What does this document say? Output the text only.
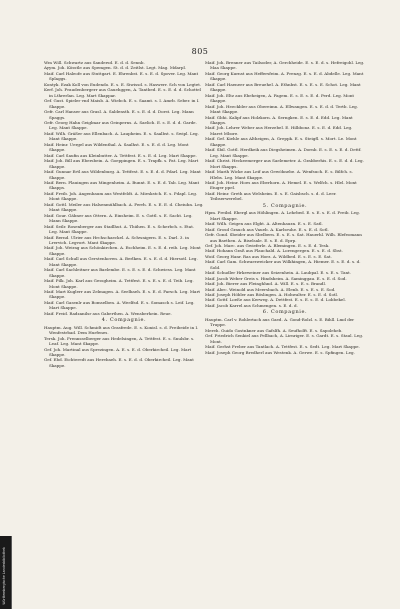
805
Wm Will. Schwartz aus Sandersd. E. d. d. Sennb.
Ayym. Joh. Kösstle aus Spemgen. St. d. d. Zeitlst. Legt. Mag. Mdarpl.
Maif. Carl Haleofe aus Stuttgart. E. Ehrenbst. E. s. E. d. Spover. Leg. Mant Splaggs.
Kontyk. Ezak Koll von Eudendo. E. s. E. Siwissd. s. Haswerr. Sch von Legtet.
Kerf. Joh. Fraudenbergerr aus Gauehggen, A. Tantbed. E. s. E. d. d. Schottel in Lthrerlan. Leg. Mart Skappar.
Gef. Gust. Spieler vnd Maisb. A. Wiebch. E. s. Saamt. s. I. Amrb. Seber. in I. Skappe.
Gefr. Carl Hanser aus Grasl. A. Saldensth. E. s. E. d. d. Dorst. Leg. Mann Spaggs.
Gefr. Georg Hahn Geiglmar aus Geinperns. A. Saelich. E. s. E. d. d. Garde. Leg. Mant Skappe.
Maif. Wilh. Gräßer aus Ellenbach. A. Laupheim. E. s. Saalbst. s. Swipl. Leg. Mant Skappe.
Maif. Heinr. Uergel aus Wildenthal. A. Saalhst. E. s. E. d. d. Leg. Mont Skappe.
Maif. Carl Saufin aus Kleinbutter. A. Tettfest. E. s. E. d. Leg. Mart Skappe.
Maif. Joh. Bill aus Ebersbein. A. Goeppingen. E. s. Trapfk. s. Pat. Leg. Mart Skappe.
Maif. Gunnar Ertl aus Wildenburg. A. Tettfest. E. s. E. d. d. Pdarl. Leg. Mant Skappe.
Maif. Bern. Plauingen aus Mingenheim. A. Bunnt. E. s. E. d. Tab. Leg. Mant Skapps.
Maif. Freib. Joh. Angenbaum aus Westfeldt. A. Mieskstch. E. s. Pdapl. Leg. Mont Skappe.
Maif. Gottl. Meiler aus Halsenmühlbach. A. Ferrh. E. s. E. E. d. Cheiuhn. Leg. Mant Skappe.
Maif. Gour. Gäbner aus Ottern. A. Einsheim. E. s. Gottl. s. E. Sacht. Leg. Mann Skappe.
Maif. Seilr. Rosenberger aus Stadlhut. A. Thühen. E. s. Scherbch. s. Etat. Leg. Mant Skappe.
Maif. Bernd. Ulrier aus Hrchschaeckel. A. Schwaigern. E. s. Darl. 3. in Lrervich. Legvort. Mant Skappe.
Maif. Joh. Weirag aus Schönkirchen. A. Eschheim. E. s. E. d. reib. Leg. Mont Skappe.
Maif. Carl Schull aus Gerstenhoven. A. Berlken. E. s. E. d. d. Hiersotl. Leg. Mant Skappe.
Maif. Carl Sachleitner aus Baelembe. E. s. E. s. E. d. Schwiess. Leg. Mant Skappe.
Maif. Pilk. Joh. Karl aus Gessgheim. A. Tettfest. E. s. E. s. E. d. Teib. Leg. Mont Skappe.
Maif. Mart Kuglerr aus Zelmagen. A. Seelbaeh. E. s. E. d. Farsch. Leg. Mart Skappe.
Maif. Carl Gasenlr aus Bomselben. A. Weelfsd. E. s. Somasch s. Leif. Leg. Mart Skappe.
Maif. Freid. Radzanilsr aus Gaberthen. A. Wensberhein. Reue.
4. Compagnie.
Hauptm. Aug. Will. Schmidt aus Grasfrede. E. s. Konisl. s. d. Freibeide in I. Wenfestrbad. Dem Hurfenes.
Tersk. Joh. Frennsselberger aus Hedelsingen, A. Tettfest. E. s. Snulsbr. s. Leaf. Leg. Mant Skappe.
Gef. Joh. Martinal aus Sprezingen. A. E. s. E. d. Oberkircheil. Leg. Mart Skappe.
Gef. Ebd. Eichteredt aus Herebaeh. E. s. E. d. d. Oberkircheil. Leg. Mant Skappe.
Maif. Joh. Brenner aus Tailsoder, A. Gerchheide. E. s. E. d. s. Hefreigohl. Leg. Maa Skappe.
Maif. Georg Kurnst aus Heffersfeim. A. Frenzg. E. s. E. d. Abdelle. Leg. Mant Skappe.
Maif. Carl Haeneer aus Breuehel. A. Ethnbst. E. s. E. s. E. Schot. Leg. Mant Skappe.
Maif. Joh. Eltz aus Ebeheigen, A. Fagem. E. s. E. s. E. d. Perd. Leg. Mont Skappe.
Maif. Joh. Heeckbler aus Obereimn. A. Ellwangen. E. s. E. d. d. Tertb. Leg. Mant Skappe.
Maif. Gbhi. Kalipf aus Holzkorn. A. Serngken. E. s. E. d. Edd. Leg. Mant Skapps.
Maif. Joh. Lehrer Weber aus Herzebel. E. Hilbbonz. E. s. E. d. Edd. Leg. Maret Mbore.
Maif. Gef. Kiehle aus Altheigen, A. Greppk. E. s. Steigfl. s. Mort. Le. Mont Skappe.
Maif. Sbil. Gottl. Herdkeik aus Diegsheimen. A. Dornb. E. s. E. s. E. d. Dettf. Leg. Mant Skappe.
Maif. Christ. Heckeemerger aus Saelemeter. A. Grabberhis. E. s. E. d. d. Leg. Mort Skapps.
Maif. Marih Wicke aus Leif aus Gewöhnebe. A. Wenfsuch. E. s. Bilfch. s. Hlebs. Leg. Mant Skappe.
Maif. Joh. Heinr. Hoes aus Eberhorn. A. Hemel. E. s. Welfch. s. Hlel. Mont Eiuger ppel.
Maif. Heinr. Greth aus Welsheim. E. s. E. Gaisbsch. s. d. d. Leer. Teibserwerebel.
5. Compagnie.
Hpm. Freibd. Ebergl aus Höhlingen. A. Lehrbed. E. s. E. s. E. d. Freib. Leg. Mart Skappe.
Maif. Wilh. Geigen aus Elgbt. A. Altenhauzn. E. s. E. Satl.
Maif. Grosd Grauch aus Vaueb. A. Karlsruhe. E. s. E. d. Sotl.
Gefr. Gond. Sbeider aus Sbelbern. E. s. E. s. Sat. Hauerhl. Wilh. Rlefeomann aus Baethen. A. Biselsale. E. s. E. d. Eprp.
Gef. Joh. Marc. aus Gwieferle. A. Blemingen. E. s. E. d. Tesk.
Maif. Hohann Graß aus Plauchald. A. Lorengergen. E. s. E. d. Sbst.
Woif. Georg Hanr. Ras aus Horz. A. Wildbed. E. s. E. s. E. Sat.
Maif. Carl Gam. Schwarzweicker aus Wilkhingen, A. Hiemer. E. s. E. d. s. d. Sold.
Maif. Schudler Hrkeweiner aus Seizenhein. A. Laubpal. E. s. E. s. Tant.
Maif. Jacob Weber Greis s. Hindsheim. A. Saminggau. E. s. E. d. Sod.
Maif. Joh. Bierer aus Fleinghhnd. A. Will. E. s. E. s. Brandl.
Maif. Abrc. Weinold aus Meersbach. A. Elenb. E. s. E. s. E. Sod.
Maif. Joseph Höbler aus Böslingen. A. Hohwalter. E. s. E. d. Sotl.
Maif. Gottf. Loeße aus Kerweg. A. Dettfest. E. s. E. s. E. d. Lobbekel.
Maif. Jacob Karrel aus Schmengen. s. E. d. d.
6. Compagnie.
Hauptm. Carl v. Rohlertach aus Gaed. A. Gond-Rolzl. s. E. Bihll. Lmd der Truppe.
Mereh. Guido Gostnkner aus Gafslfh. A. Seufholft. E. s. Sapoleheb.
Gef. Friedrich Senkiel aus Pellbach, A. Lirnriger. E. s. Gardt. E. s. Staul. Leg. Mont.
Maif. Gerhst Freber aus Tantlach. A. Tettfest. E. s. Sedt. Leg. Mart Skappe.
Maif. Joseph Georg Bredherl aus Westenk. A. Gerwe. E. s. Spfingen. Leg.
Württembergische Landesbibliothek
